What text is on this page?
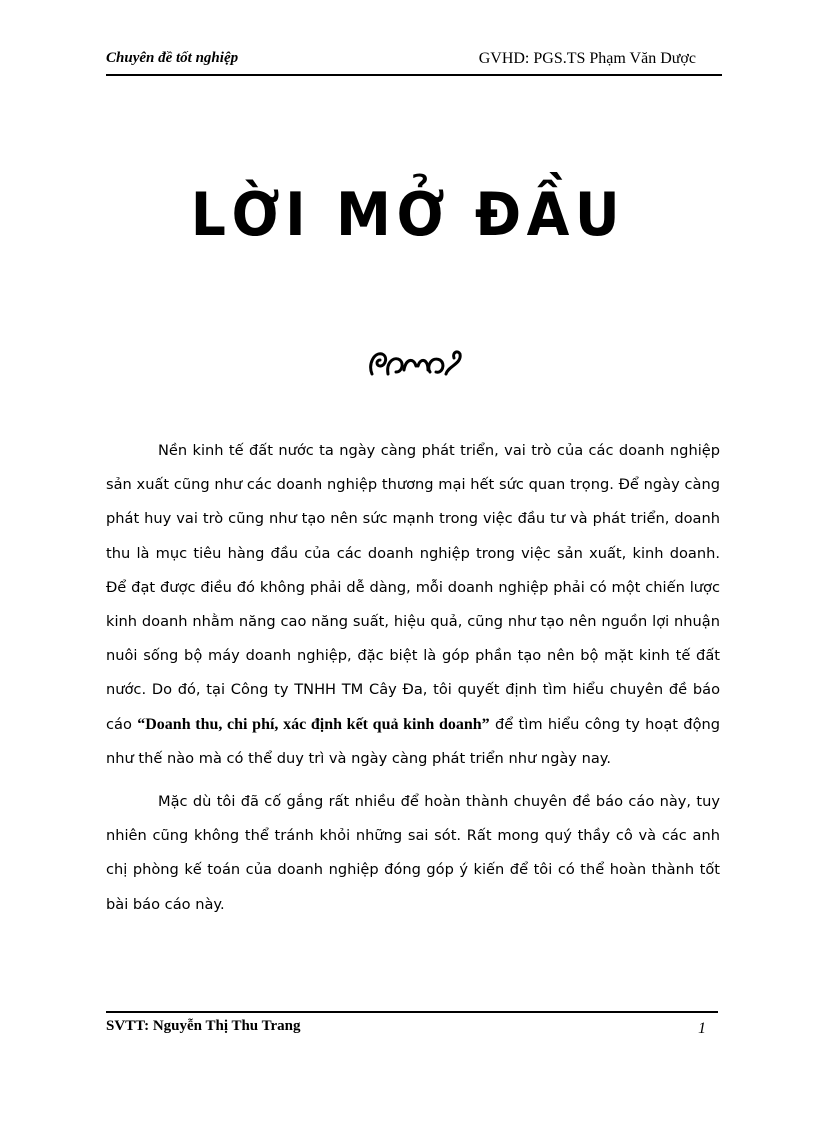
Chuyên đề tốt nghiệp	GVHD: PGS.TS Phạm Văn Dược
LỜI MỞ ĐẦU

Nền kinh tế đất nước ta ngày càng phát triển, vai trò của các doanh nghiệp sản xuất cũng như các doanh nghiệp thương mại hết sức quan trọng. Để ngày càng phát huy vai trò cũng như tạo nên sức mạnh trong việc đầu tư và phát triển, doanh thu là mục tiêu hàng đầu của các doanh nghiệp trong việc sản xuất, kinh doanh. Để đạt được điều đó không phải dễ dàng, mỗi doanh nghiệp phải có một chiến lược kinh doanh nhằm năng cao năng suất, hiệu quả, cũng như tạo nên nguồn lợi nhuận nuôi sống bộ máy doanh nghiệp, đặc biệt là góp phần tạo nên bộ mặt kinh tế đất nước. Do đó, tại Công ty TNHH TM Cây Đa, tôi quyết định tìm hiểu chuyên đề báo cáo “Doanh thu, chi phí, xác định kết quả kinh doanh” để tìm hiểu công ty hoạt động như thế nào mà có thể duy trì và ngày càng phát triển như ngày nay.

Mặc dù tôi đã cố gắng rất nhiều để hoàn thành chuyên đề báo cáo này, tuy nhiên cũng không thể tránh khỏi những sai sót. Rất mong quý thầy cô và các anh chị phòng kế toán của doanh nghiệp đóng góp ý kiến để tôi có thể hoàn thành tốt bài báo cáo này.

SVTT: Nguyễn Thị Thu Trang	1
